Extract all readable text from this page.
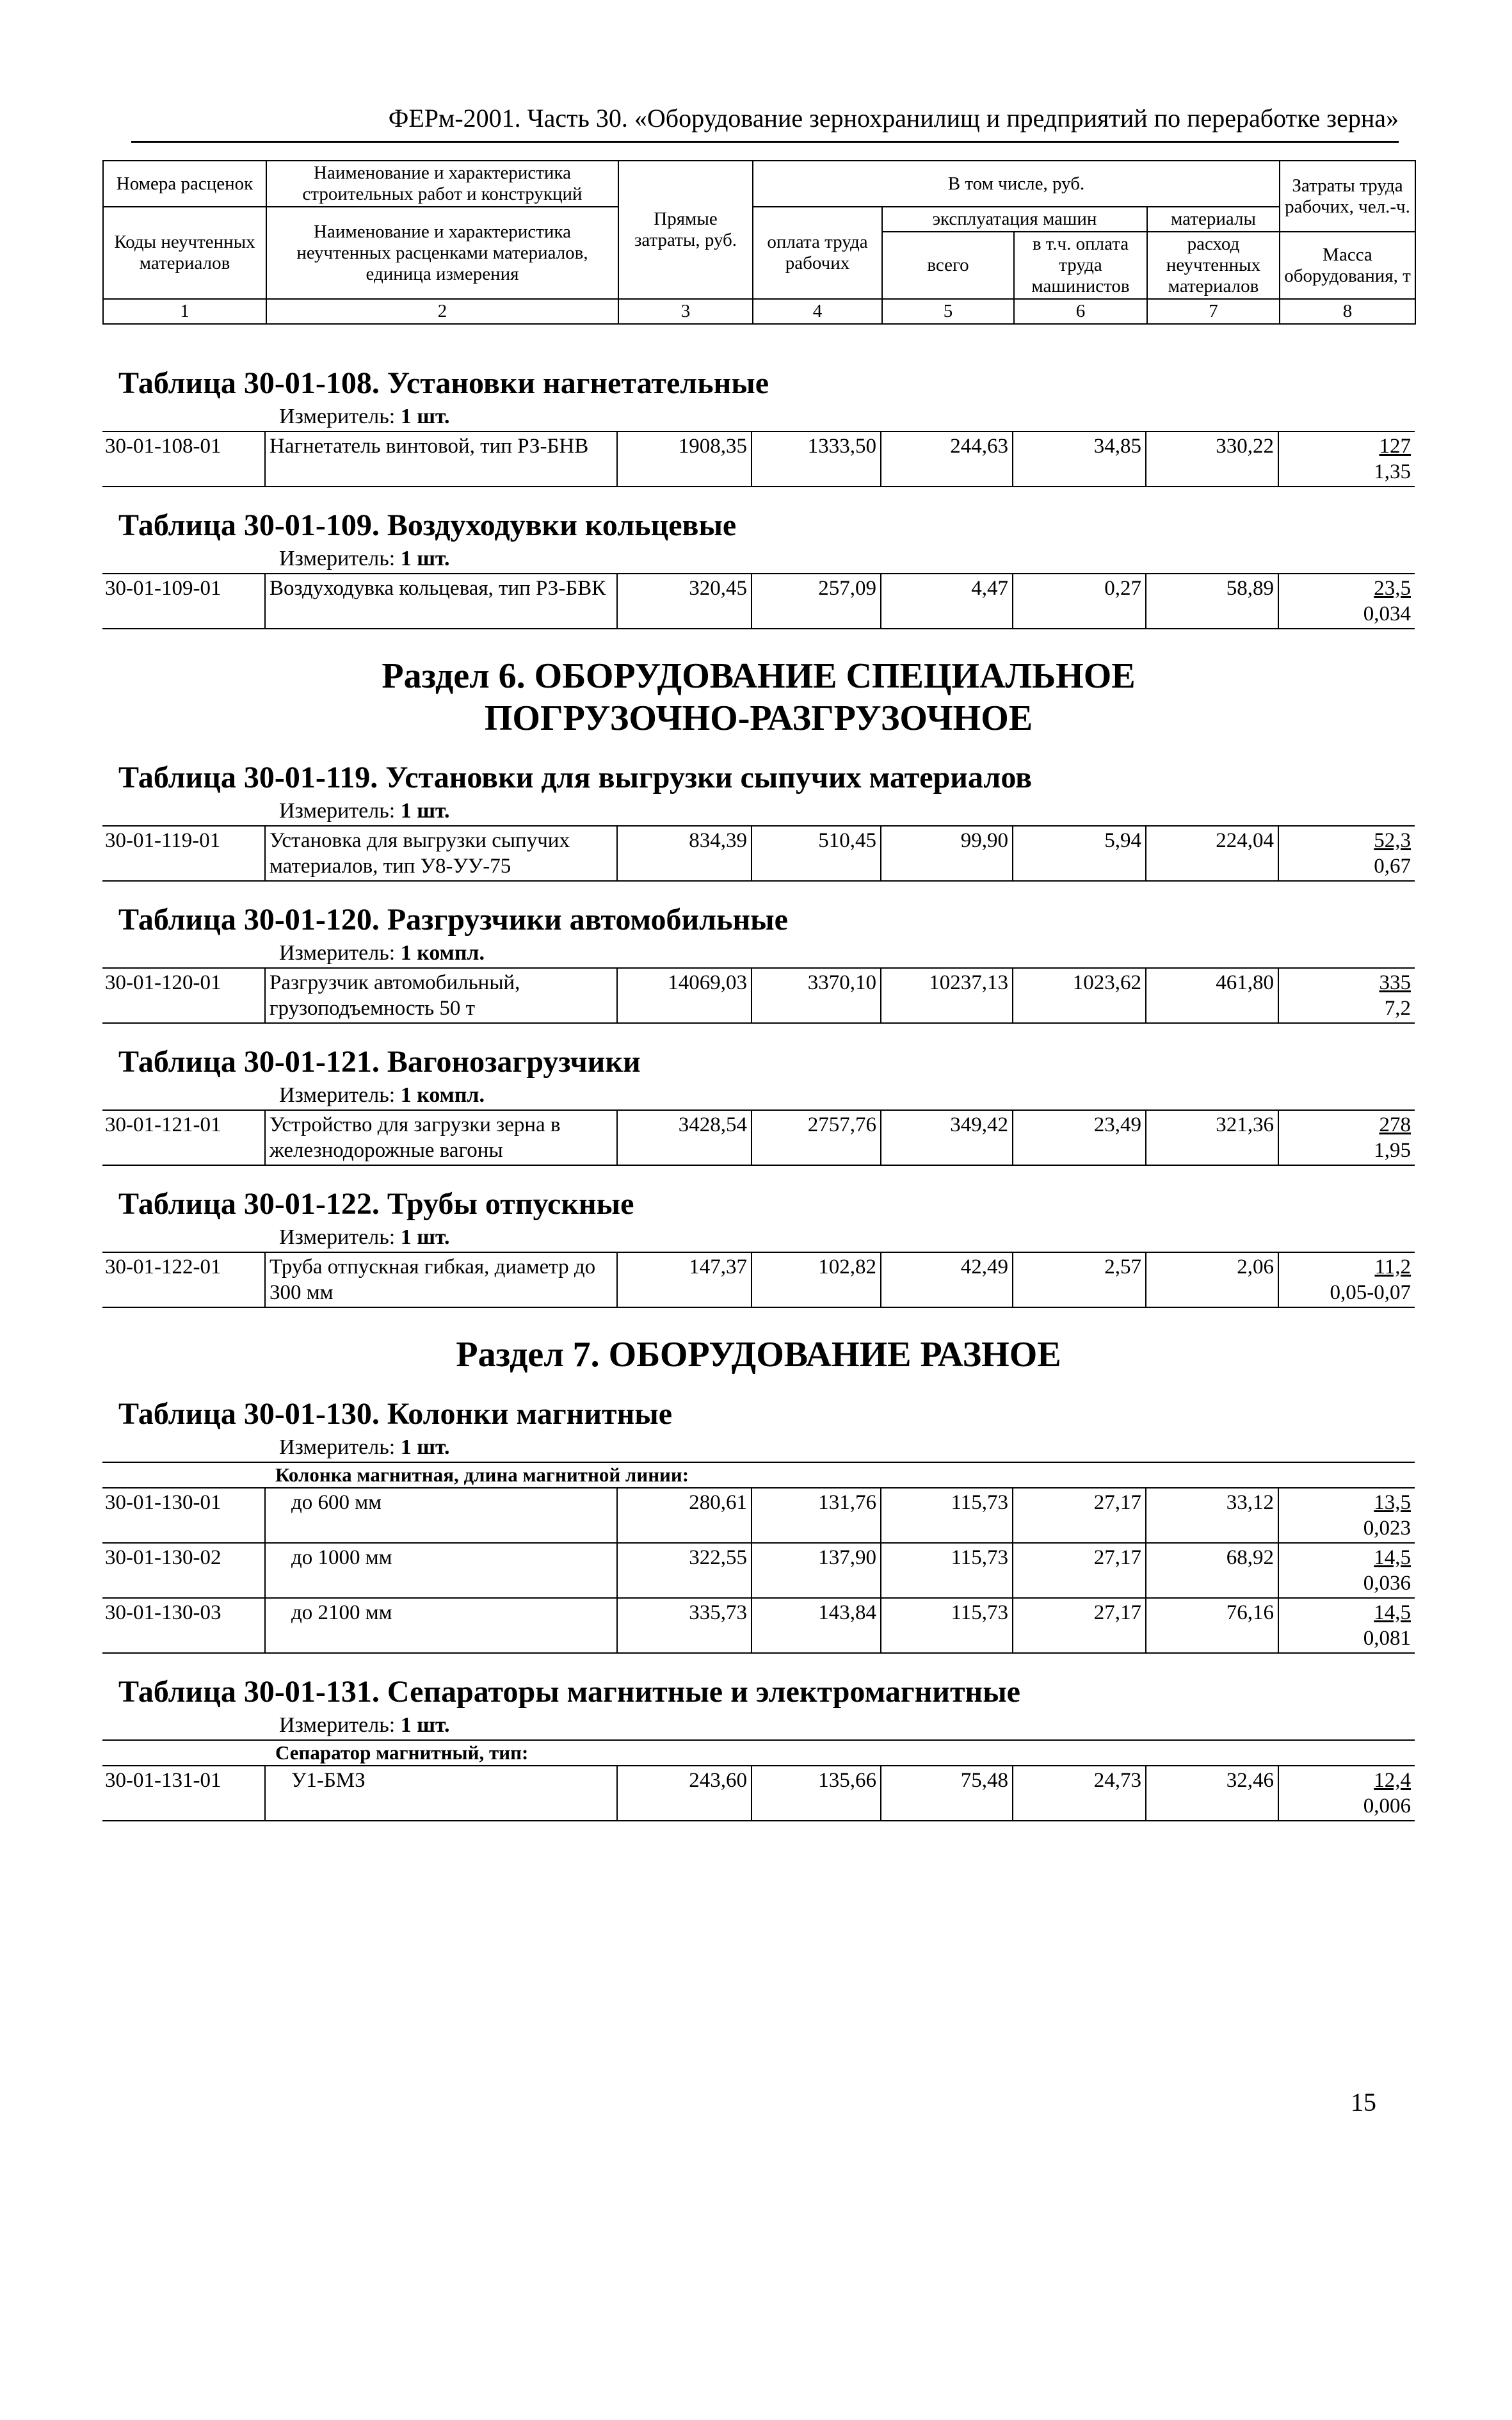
ФЕРм-2001. Часть 30. «Оборудование зернохранилищ и предприятий по переработке зерна»
Номера расценок	Наименование и характеристика строительных работ и конструкций	Прямые затраты, руб.	В том числе, руб.				Затраты труда рабочих, чел.-ч.
Коды неучтенных материалов	Наименование и характеристика неучтенных расценками материалов, единица измерения		оплата труда рабочих	эксплуатация машин		материалы	
				всего	в т.ч. оплата труда машинистов	расход неучтенных материалов	Масса оборудования, т
1	2	3	4	5	6	7	8
Таблица 30-01-108. Установки нагнетательные
Измеритель: 1 шт.
30-01-108-01	Нагнетатель винтовой, тип РЗ-БНВ	1908,35	1333,50	244,63	34,85	330,22	127
1,35
Таблица 30-01-109. Воздуходувки кольцевые
Измеритель: 1 шт.
30-01-109-01	Воздуходувка кольцевая, тип РЗ-БВК	320,45	257,09	4,47	0,27	58,89	23,5
0,034
Раздел 6. ОБОРУДОВАНИЕ СПЕЦИАЛЬНОЕ ПОГРУЗОЧНО-РАЗГРУЗОЧНОЕ
Таблица 30-01-119. Установки для выгрузки сыпучих материалов
Измеритель: 1 шт.
30-01-119-01	Установка для выгрузки сыпучих материалов, тип У8-УУ-75
834,39	510,45	99,90	5,94	224,04	52,3
0,67
Таблица 30-01-120. Разгрузчики автомобильные
Измеритель: 1 компл.
30-01-120-01	Разгрузчик автомобильный, грузоподъемность 50 т
14069,03	3370,10	10237,13	1023,62	461,80	335
7,2
Таблица 30-01-121. Вагонозагрузчики
Измеритель: 1 компл.
30-01-121-01	Устройство для загрузки зерна в железнодорожные вагоны
3428,54	2757,76	349,42	23,49	321,36	278
1,95
Таблица 30-01-122. Трубы отпускные
Измеритель: 1 шт.
30-01-122-01	Труба отпускная гибкая, диаметр до 300 мм
147,37	102,82	42,49	2,57	2,06	11,2
0,05-0,07
Раздел 7. ОБОРУДОВАНИЕ РАЗНОЕ
Таблица 30-01-130. Колонки магнитные
Измеритель: 1 шт.
Колонка магнитная, длина магнитной линии:
30-01-130-01	до 600 мм	280,61	131,76	115,73	27,17	33,12	13,5
0,023
30-01-130-02	до 1000 мм	322,55	137,90	115,73	27,17	68,92	14,5
0,036
30-01-130-03	до 2100 мм	335,73	143,84	115,73	27,17	76,16	14,5
0,081
Таблица 30-01-131. Сепараторы магнитные и электромагнитные
Измеритель: 1 шт.
Сепаратор магнитный, тип:
30-01-131-01	У1-БМЗ	243,60	135,66	75,48	24,73	32,46	12,4
0,006
15
